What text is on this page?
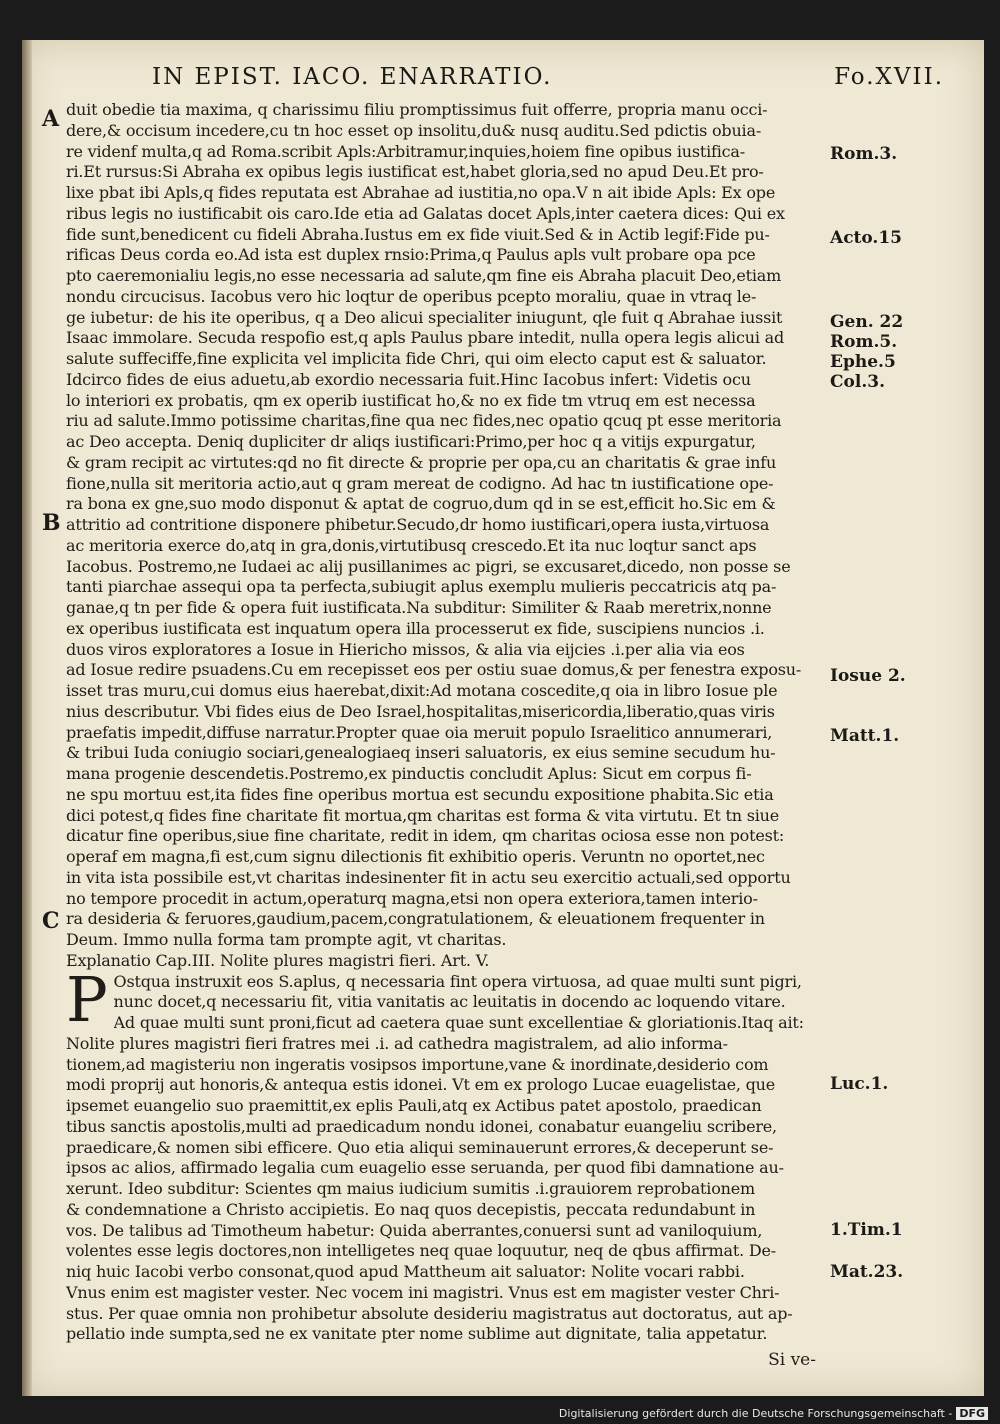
IN EPIST. IACO. ENARRATIO.	Fo.XVII.
A
B
C
Rom.3.
Acto.15
Gen. 22
Rom.5.
Ephe.5
Col.3.
Iosue 2.
Matt.1.
Luc.1.
1.Tim.1
Mat.23.
duit obedie tia maxima, q charissimu filiu promptissimus fuit offerre, propria manu occi-
dere,& occisum incedere,cu tn hoc esset op insolitu,du& nusq auditu.Sed pdictis obuia-
re videnf multa,q ad Roma.scribit Apls:Arbitramur,inquies,hoiem fine opibus iustifica-
ri.Et rursus:Si Abraha ex opibus legis iustificat est,habet gloria,sed no apud Deu.Et pro-
lixe pbat ibi Apls,q fides reputata est Abrahae ad iustitia,no opa.V n ait ibide Apls: Ex ope
ribus legis no iustificabit ois caro.Ide etia ad Galatas docet Apls,inter caetera dices: Qui ex
fide sunt,benedicent cu fideli Abraha.Iustus em ex fide viuit.Sed & in Actib legif:Fide pu-
rificas Deus corda eo.Ad ista est duplex rnsio:Prima,q Paulus apls vult probare opa pce
pto caeremonialiu legis,no esse necessaria ad salute,qm fine eis Abraha placuit Deo,etiam
nondu circucisus. Iacobus vero hic loqtur de operibus pcepto moraliu, quae in vtraq le-
ge iubetur: de his ite operibus, q a Deo alicui specialiter iniugunt, qle fuit q Abrahae iussit
Isaac immolare. Secuda respofio est,q apls Paulus pbare intedit, nulla opera legis alicui ad
salute suffeciffe,fine explicita vel implicita fide Chri, qui oim electo caput est & saluator.
Idcirco fides de eius aduetu,ab exordio necessaria fuit.Hinc Iacobus infert: Videtis ocu
lo interiori ex probatis, qm ex operib iustificat ho,& no ex fide tm vtruq em est necessa
riu ad salute.Immo potissime charitas,fine qua nec fides,nec opatio qcuq pt esse meritoria
ac Deo accepta. Deniq dupliciter dr aliqs iustificari:Primo,per hoc q a vitijs expurgatur,
& gram recipit ac virtutes:qd no fit directe & proprie per opa,cu an charitatis & grae infu
fione,nulla sit meritoria actio,aut q gram mereat de codigno. Ad hac tn iustificatione ope-
ra bona ex gne,suo modo disponut & aptat de cogruo,dum qd in se est,efficit ho.Sic em &
attritio ad contritione disponere phibetur.Secudo,dr homo iustificari,opera iusta,virtuosa
ac meritoria exerce do,atq in gra,donis,virtutibusq crescedo.Et ita nuc loqtur sanct aps
Iacobus. Postremo,ne Iudaei ac alij pusillanimes ac pigri, se excusaret,dicedo, non posse se
tanti piarchae assequi opa ta perfecta,subiugit aplus exemplu mulieris peccatricis atq pa-
ganae,q tn per fide & opera fuit iustificata.Na subditur: Similiter & Raab meretrix,nonne
ex operibus iustificata est inquatum opera illa processerut ex fide, suscipiens nuncios .i.
duos viros exploratores a Iosue in Hiericho missos, & alia via eijcies .i.per alia via eos
ad Iosue redire psuadens.Cu em recepisset eos per ostiu suae domus,& per fenestra exposu-
isset tras muru,cui domus eius haerebat,dixit:Ad motana coscedite,q oia in libro Iosue ple
nius descributur. Vbi fides eius de Deo Israel,hospitalitas,misericordia,liberatio,quas viris
praefatis impedit,diffuse narratur.Propter quae oia meruit populo Israelitico annumerari,
& tribui Iuda coniugio sociari,genealogiaeq inseri saluatoris, ex eius semine secudum hu-
mana progenie descendetis.Postremo,ex pinductis concludit Aplus: Sicut em corpus fi-
ne spu mortuu est,ita fides fine operibus mortua est secundu expositione phabita.Sic etia
dici potest,q fides fine charitate fit mortua,qm charitas est forma & vita virtutu. Et tn siue
dicatur fine operibus,siue fine charitate, redit in idem, qm charitas ociosa esse non potest:
operaf em magna,fi est,cum signu dilectionis fit exhibitio operis. Veruntn no oportet,nec
in vita ista possibile est,vt charitas indesinenter fit in actu seu exercitio actuali,sed opportu
no tempore procedit in actum,operaturq magna,etsi non opera exteriora,tamen interio-
ra desideria & feruores,gaudium,pacem,congratulationem, & eleuationem frequenter in
Deum. Immo nulla forma tam prompte agit, vt charitas.
Explanatio Cap.III. Nolite plures magistri fieri. Art. V.
P Ostqua instruxit eos S.aplus, q necessaria fint opera virtuosa, ad quae multi sunt pigri,
nunc docet,q necessariu fit, vitia vanitatis ac leuitatis in docendo ac loquendo vitare.
Ad quae multi sunt proni,ficut ad caetera quae sunt excellentiae & gloriationis.Itaq ait:
Nolite plures magistri fieri fratres mei .i. ad cathedra magistralem, ad alio informa-
tionem,ad magisteriu non ingeratis vosipsos importune,vane & inordinate,desiderio com
modi proprij aut honoris,& antequa estis idonei. Vt em ex prologo Lucae euagelistae, que
ipsemet euangelio suo praemittit,ex eplis Pauli,atq ex Actibus patet apostolo, praedican
tibus sanctis apostolis,multi ad praedicadum nondu idonei, conabatur euangeliu scribere,
praedicare,& nomen sibi efficere. Quo etia aliqui seminauerunt errores,& deceperunt se-
ipsos ac alios, affirmado legalia cum euagelio esse seruanda, per quod fibi damnatione au-
xerunt. Ideo subditur: Scientes qm maius iudicium sumitis .i.grauiorem reprobationem
& condemnatione a Christo accipietis. Eo naq quos decepistis, peccata redundabunt in
vos. De talibus ad Timotheum habetur: Quida aberrantes,conuersi sunt ad vaniloquium,
volentes esse legis doctores,non intelligetes neq quae loquutur, neq de qbus affirmat. De-
niq huic Iacobi verbo consonat,quod apud Mattheum ait saluator: Nolite vocari rabbi.
Vnus enim est magister vester. Nec vocem ini magistri. Vnus est em magister vester Chri-
stus. Per quae omnia non prohibetur absolute desideriu magistratus aut doctoratus, aut ap-
pellatio inde sumpta,sed ne ex vanitate pter nome sublime aut dignitate, talia appetatur.
Si ve-
Digitalisierung gefördert durch die Deutsche Forschungsgemeinschaft - DFG
